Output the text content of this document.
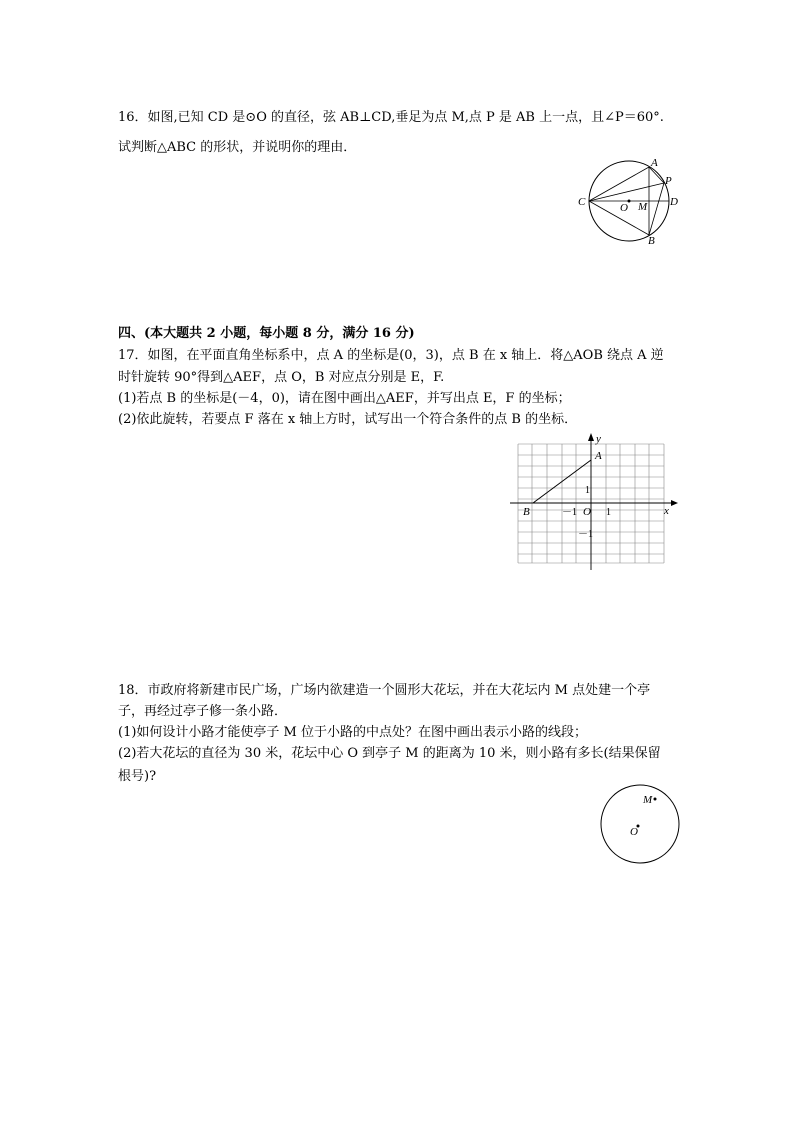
16．如图,已知 CD 是⊙O 的直径，弦 AB⊥CD,垂足为点 M,点 P 是 AB 上一点，且∠P＝60°.
试判断△ABC 的形状，并说明你的理由．
A
B
C	D
O M
P
四、(本大题共 2 小题，每小题 8 分，满分 16 分)
17．如图，在平面直角坐标系中，点 A 的坐标是(0，3)，点 B 在 x 轴上．将△AOB 绕点 A 逆
时针旋转 90°得到△AEF，点 O，B 对应点分别是 E，F.
(1)若点 B 的坐标是(－4，0)，请在图中画出△AEF，并写出点 E，F 的坐标；
(2)依此旋转，若要点 F 落在 x 轴上方时，试写出一个符合条件的点 B 的坐标．
y
x
A
B	O
1
－1
－1	1
18．市政府将新建市民广场，广场内欲建造一个圆形大花坛，并在大花坛内 M 点处建一个亭
子，再经过亭子修一条小路．
(1)如何设计小路才能使亭子 M 位于小路的中点处？在图中画出表示小路的线段；
(2)若大花坛的直径为 30 米，花坛中心 O 到亭子 M 的距离为 10 米，则小路有多长(结果保留
根号)?
M
O
